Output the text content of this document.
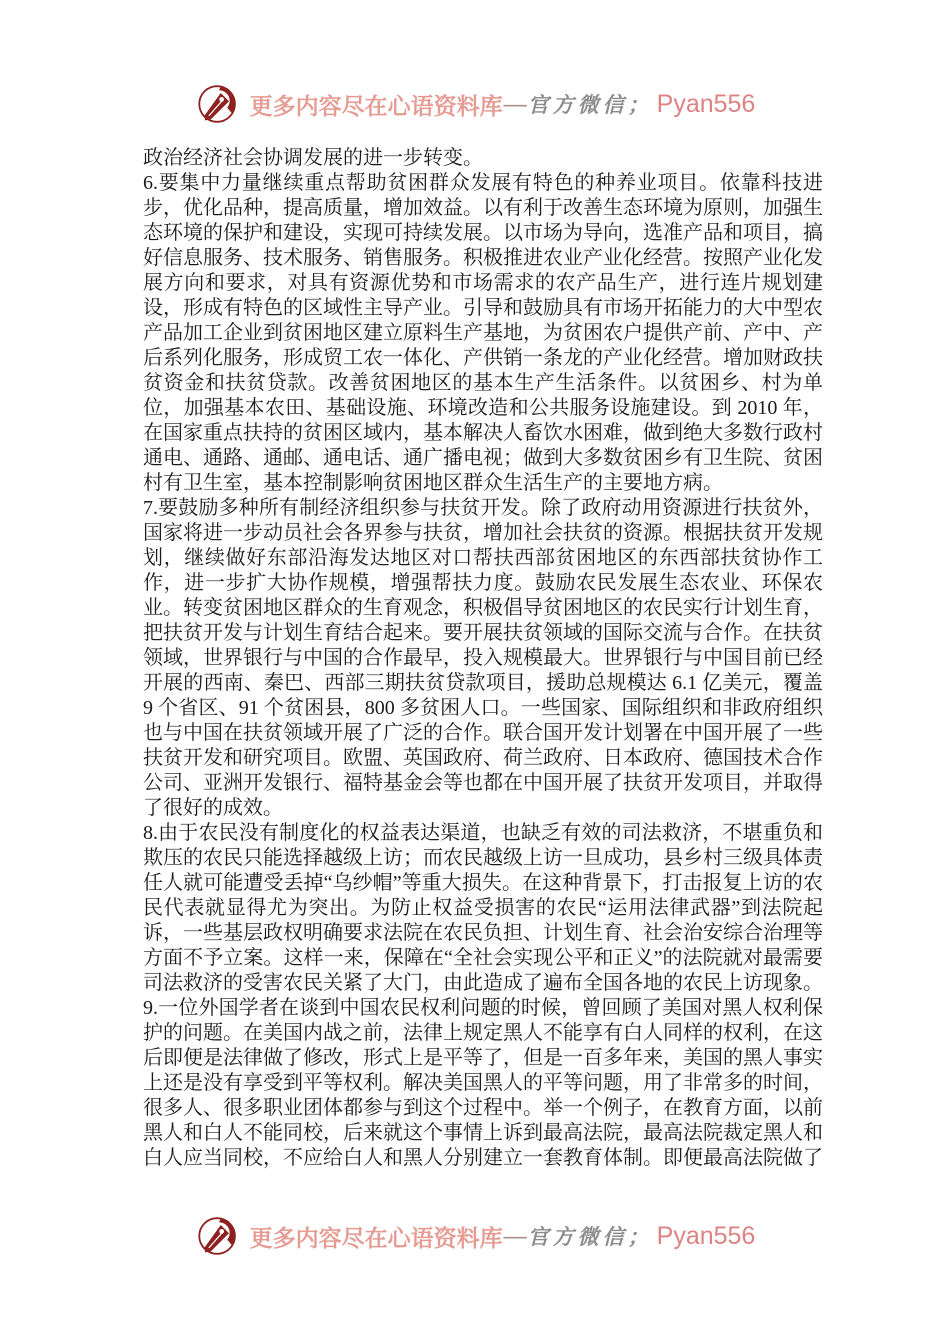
更多内容尽在心语资料库 — 官方微信； Pyan556

政治经济社会协调发展的进一步转变。

6.要集中力量继续重点帮助贫困群众发展有特色的种养业项目。依靠科技进步，优化品种，提高质量，增加效益。以有利于改善生态环境为原则，加强生态环境的保护和建设，实现可持续发展。以市场为导向，选准产品和项目，搞好信息服务、技术服务、销售服务。积极推进农业产业化经营。按照产业化发展方向和要求，对具有资源优势和市场需求的农产品生产，进行连片规划建设，形成有特色的区域性主导产业。引导和鼓励具有市场开拓能力的大中型农产品加工企业到贫困地区建立原料生产基地，为贫困农户提供产前、产中、产后系列化服务，形成贸工农一体化、产供销一条龙的产业化经营。增加财政扶贫资金和扶贫贷款。改善贫困地区的基本生产生活条件。以贫困乡、村为单位，加强基本农田、基础设施、环境改造和公共服务设施建设。到 2010 年，在国家重点扶持的贫困区域内，基本解决人畜饮水困难，做到绝大多数行政村通电、通路、通邮、通电话、通广播电视；做到大多数贫困乡有卫生院、贫困村有卫生室，基本控制影响贫困地区群众生活生产的主要地方病。

7.要鼓励多种所有制经济组织参与扶贫开发。除了政府动用资源进行扶贫外，国家将进一步动员社会各界参与扶贫，增加社会扶贫的资源。根据扶贫开发规划，继续做好东部沿海发达地区对口帮扶西部贫困地区的东西部扶贫协作工作，进一步扩大协作规模，增强帮扶力度。鼓励农民发展生态农业、环保农业。转变贫困地区群众的生育观念，积极倡导贫困地区的农民实行计划生育，把扶贫开发与计划生育结合起来。要开展扶贫领域的国际交流与合作。在扶贫领域，世界银行与中国的合作最早，投入规模最大。世界银行与中国目前已经开展的西南、秦巴、西部三期扶贫贷款项目，援助总规模达 6.1 亿美元，覆盖 9 个省区、91 个贫困县，800 多贫困人口。一些国家、国际组织和非政府组织也与中国在扶贫领域开展了广泛的合作。联合国开发计划署在中国开展了一些扶贫开发和研究项目。欧盟、英国政府、荷兰政府、日本政府、德国技术合作公司、亚洲开发银行、福特基金会等也都在中国开展了扶贫开发项目，并取得了很好的成效。

8.由于农民没有制度化的权益表达渠道，也缺乏有效的司法救济，不堪重负和欺压的农民只能选择越级上访；而农民越级上访一旦成功，县乡村三级具体责任人就可能遭受丢掉“乌纱帽”等重大损失。在这种背景下，打击报复上访的农民代表就显得尤为突出。为防止权益受损害的农民“运用法律武器”到法院起诉，一些基层政权明确要求法院在农民负担、计划生育、社会治安综合治理等方面不予立案。这样一来，保障在“全社会实现公平和正义”的法院就对最需要司法救济的受害农民关紧了大门，由此造成了遍布全国各地的农民上访现象。

9.一位外国学者在谈到中国农民权利问题的时候，曾回顾了美国对黑人权利保护的问题。在美国内战之前，法律上规定黑人不能享有白人同样的权利，在这后即便是法律做了修改，形式上是平等了，但是一百多年来，美国的黑人事实上还是没有享受到平等权利。解决美国黑人的平等问题，用了非常多的时间，很多人、很多职业团体都参与到这个过程中。举一个例子，在教育方面，以前黑人和白人不能同校，后来就这个事情上诉到最高法院，最高法院裁定黑人和白人应当同校，不应给白人和黑人分别建立一套教育体制。即便最高法院做了

更多内容尽在心语资料库 — 官方微信； Pyan556
